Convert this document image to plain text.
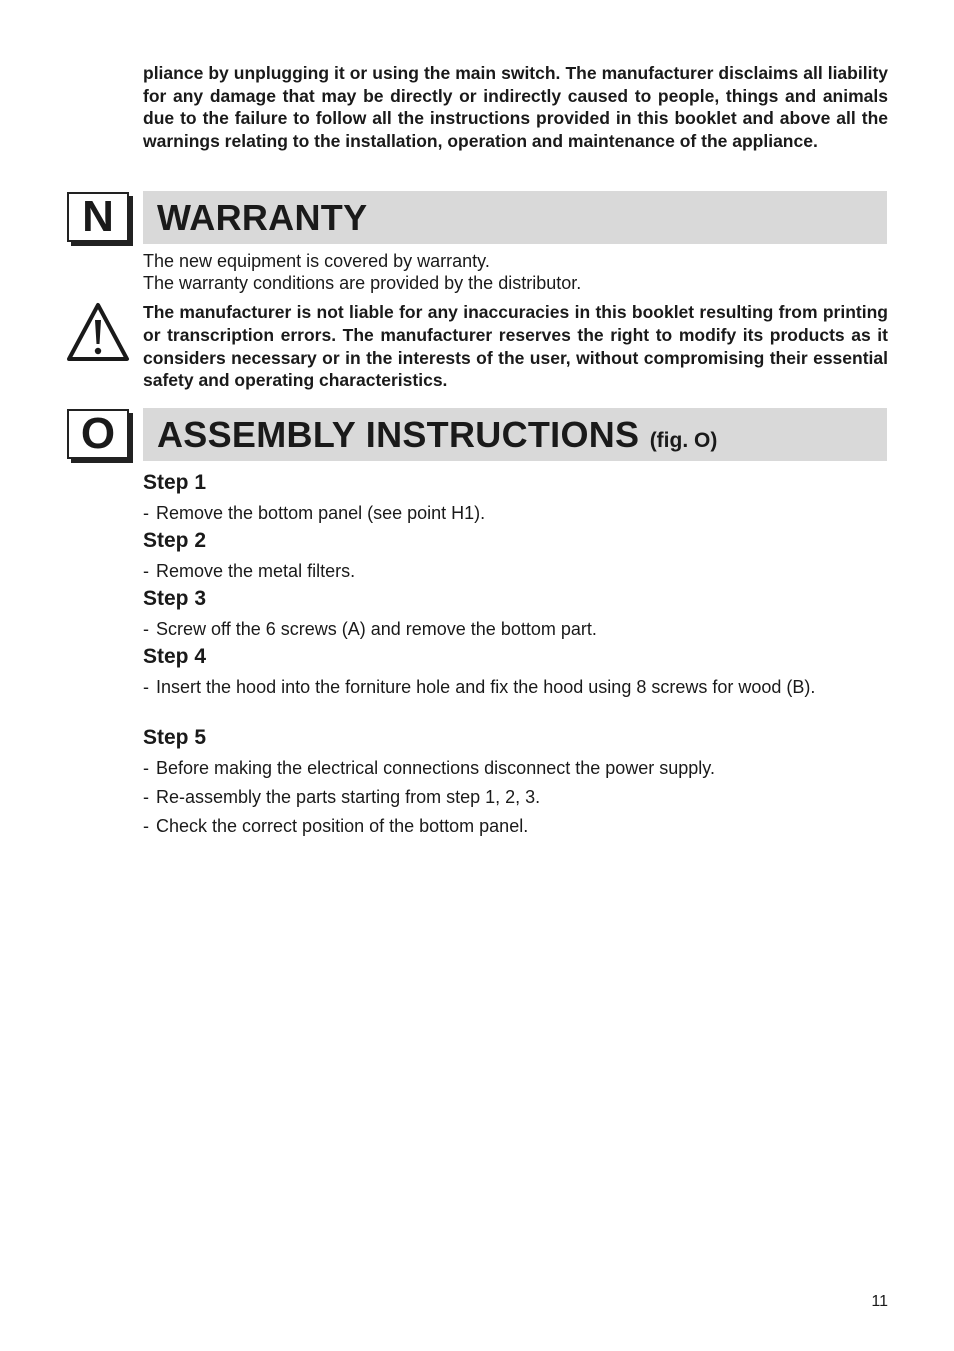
pliance by unplugging it or using the main switch. The manufacturer disclaims all liability for any damage that may be directly or indirectly caused to people, things and animals due to the failure to follow all the instructions provided in this booklet and above all the warnings relating to the installation, operation and maintenance of the appliance.
N	WARRANTY
The new equipment is covered by warranty.
The warranty conditions are provided by the distributor.
The manufacturer is not liable for any inaccuracies in this booklet resulting from printing or transcription errors. The manufacturer reserves the right to modify its products as it considers necessary or in the interests of the user, without compromising their essential safety and operating characteristics.
O	ASSEMBLY INSTRUCTIONS (fig. O)
Step 1
- Remove the bottom panel (see point H1).
Step 2
- Remove the metal filters.
Step 3
- Screw off the 6 screws (A) and remove the bottom part.
Step 4
- Insert the hood into the forniture hole and fix the hood using 8 screws for wood (B).
Step 5
- Before making the electrical connections disconnect the power supply.
- Re-assembly the parts starting from step 1, 2, 3.
- Check the correct position of the bottom panel.
11
